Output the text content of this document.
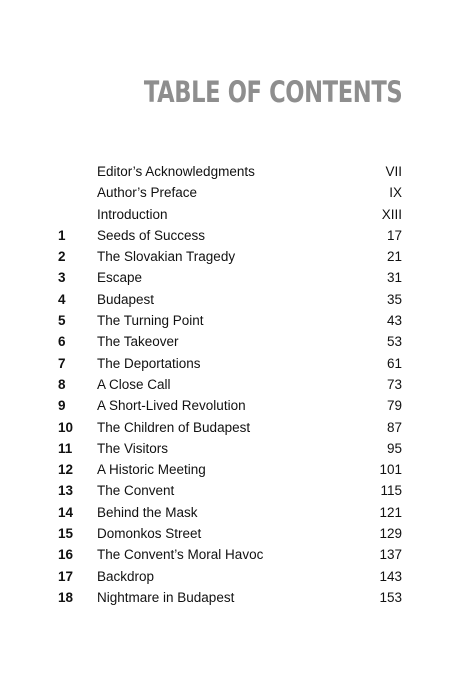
TABLE OF CONTENTS
Editor’s Acknowledgments	VII
Author’s Preface	IX
Introduction	XIII
1 Seeds of Success	17
2 The Slovakian Tragedy	21
3 Escape	31
4 Budapest	35
5 The Turning Point	43
6 The Takeover	53
7 The Deportations	61
8 A Close Call	73
9 A Short-Lived Revolution	79
10 The Children of Budapest	87
11 The Visitors	95
12 A Historic Meeting	101
13 The Convent	115
14 Behind the Mask	121
15 Domonkos Street	129
16 The Convent’s Moral Havoc	137
17 Backdrop	143
18 Nightmare in Budapest	153
